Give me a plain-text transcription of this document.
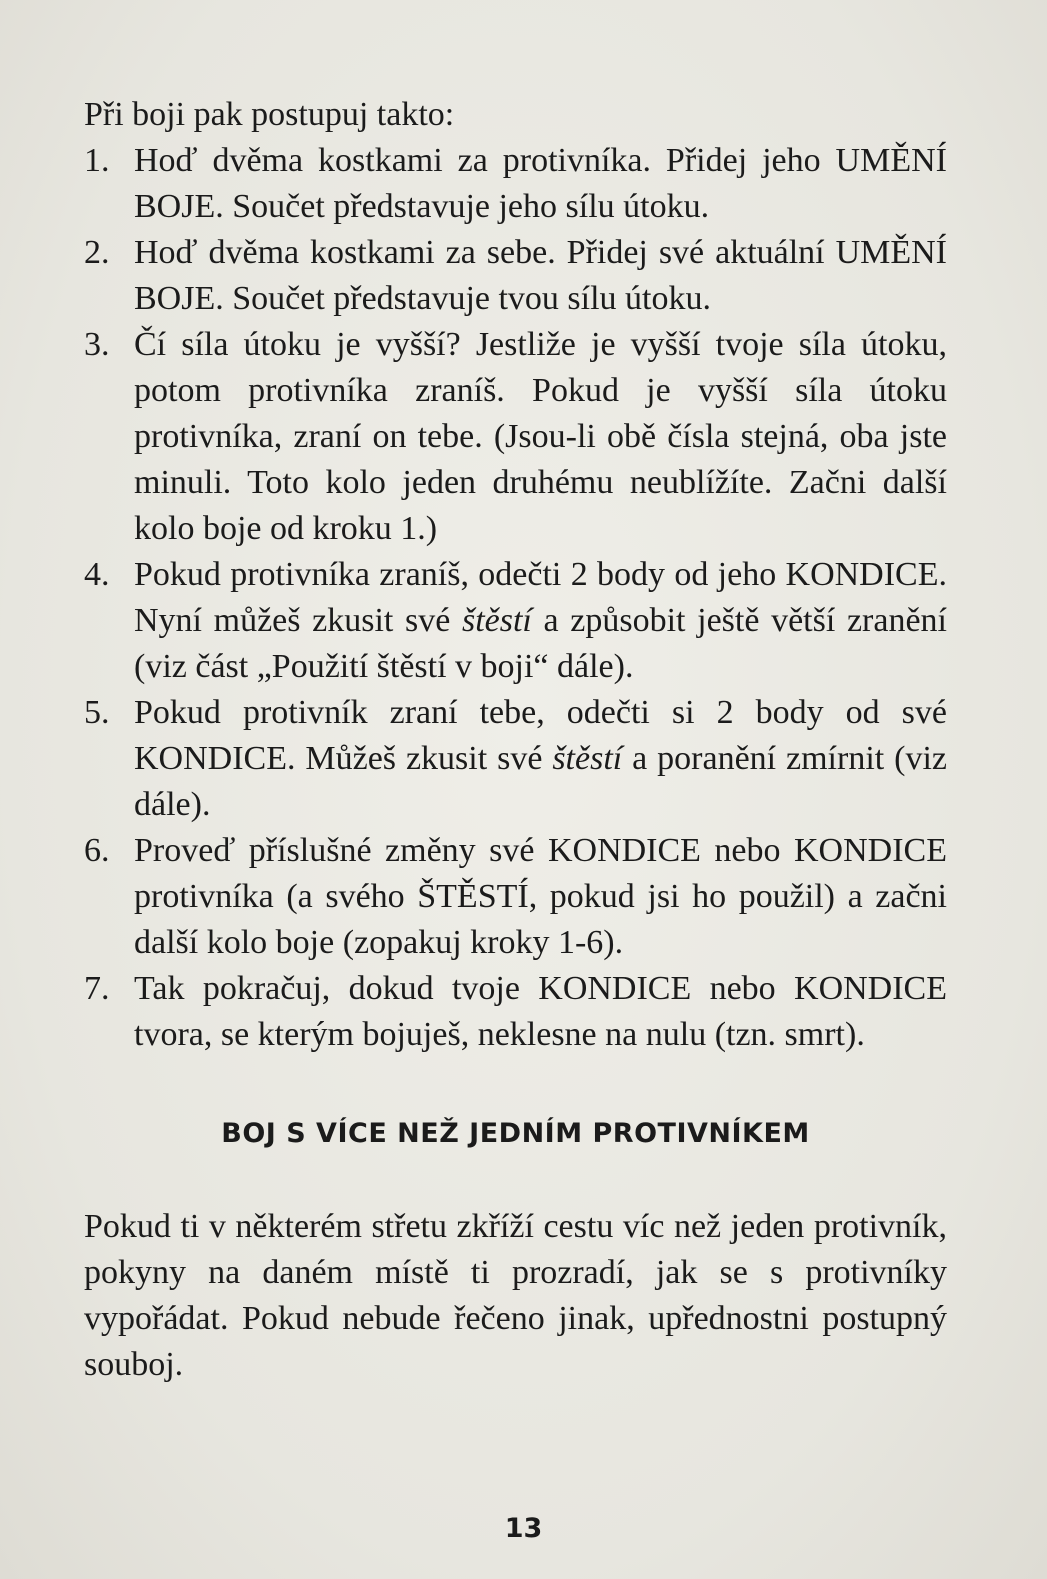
Při boji pak postupuj takto:
1. Hoď dvěma kostkami za protivníka. Přidej jeho UMĚNÍ BOJE. Součet představuje jeho sílu útoku.
2. Hoď dvěma kostkami za sebe. Přidej své aktuální UMĚNÍ BOJE. Součet představuje tvou sílu útoku.
3. Čí síla útoku je vyšší? Jestliže je vyšší tvoje síla útoku, potom protivníka zraníš. Pokud je vyšší síla útoku protivníka, zraní on tebe. (Jsou-li obě čísla stejná, oba jste minuli. Toto kolo jeden druhému neublížíte. Začni další kolo boje od kroku 1.)
4. Pokud protivníka zraníš, odečti 2 body od jeho KONDICE. Nyní můžeš zkusit své štěstí a způsobit ještě větší zranění (viz část „Použití štěstí v boji“ dále).
5. Pokud protivník zraní tebe, odečti si 2 body od své KONDICE. Můžeš zkusit své štěstí a poranění zmírnit (viz dále).
6. Proveď příslušné změny své KONDICE nebo KONDICE protivníka (a svého ŠTĚSTÍ, pokud jsi ho použil) a začni další kolo boje (zopakuj kroky 1-6).
7. Tak pokračuj, dokud tvoje KONDICE nebo KONDICE tvora, se kterým bojuješ, neklesne na nulu (tzn. smrt).
BOJ S VÍCE NEŽ JEDNÍM PROTIVNÍKEM

Pokud ti v některém střetu zkříží cestu víc než jeden protivník, pokyny na daném místě ti prozradí, jak se s protivníky vypořádat. Pokud nebude řečeno jinak, upřednostni postupný souboj.

13
